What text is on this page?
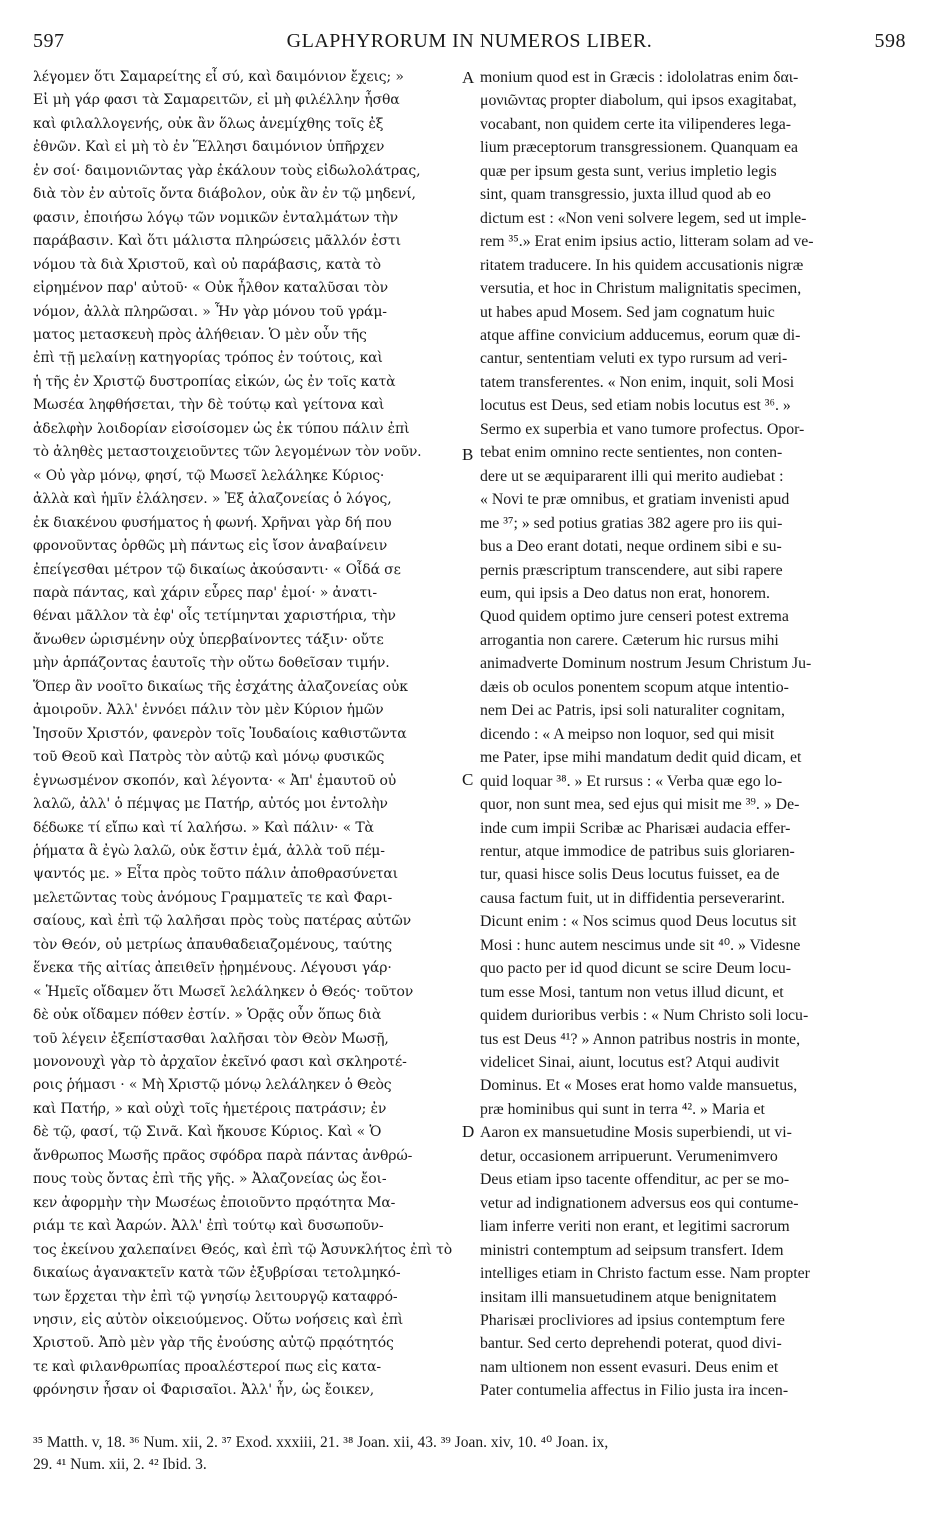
597	GLAPHYRORUM IN NUMEROS LIBER.	598
λέγομεν ὅτι Σαμαρείτης εἶ σύ, καὶ δαιμόνιον ἔχεις; »
Εἰ μὴ γάρ φασι τὰ Σαμαρειτῶν, εἰ μὴ φιλέλλην ἦσθα
καὶ φιλαλλογενής, οὐκ ἂν ὅλως ἀνεμίχθης τοῖς ἐξ
ἐθνῶν. Καὶ εἰ μὴ τὸ ἐν Ἕλλησι δαιμόνιον ὑπῆρχεν
ἐν σοί· δαιμονιῶντας γὰρ ἐκάλουν τοὺς εἰδωλολάτρας,
διὰ τὸν ἐν αὐτοῖς ὄντα διάβολον, οὐκ ἂν ἐν τῷ μηδενί,
φασιν, ἐποιήσω λόγῳ τῶν νομικῶν ἐνταλμάτων τὴν
παράβασιν. Καὶ ὅτι μάλιστα πληρώσεις μᾶλλόν ἐστι
νόμου τὰ διὰ Χριστοῦ, καὶ οὐ παράβασις, κατὰ τὸ
εἰρημένον παρ' αὐτοῦ· « Οὐκ ἦλθον καταλῦσαι τὸν
νόμον, ἀλλὰ πληρῶσαι. » Ἦν γὰρ μόνου τοῦ γράμ-
ματος μετασκευὴ πρὸς ἀλήθειαν. Ὁ μὲν οὖν τῆς
ἐπὶ τῇ μελαίνῃ κατηγορίας τρόπος ἐν τούτοις, καὶ
ἡ τῆς ἐν Χριστῷ δυστροπίας εἰκών, ὡς ἐν τοῖς κατὰ
Μωσέα ληφθήσεται, τὴν δὲ τούτῳ καὶ γείτονα καὶ
ἀδελφὴν λοιδορίαν εἰσοίσομεν ὡς ἐκ τύπου πάλιν ἐπὶ
τὸ ἀληθὲς μεταστοιχειοῦντες τῶν λεγομένων τὸν νοῦν.
« Οὐ γὰρ μόνῳ, φησί, τῷ Μωσεῖ λελάληκε Κύριος·
ἀλλὰ καὶ ἡμῖν ἐλάλησεν. » Ἐξ ἀλαζονείας ὁ λόγος,
ἐκ διακένου φυσήματος ἡ φωνή. Χρῆναι γὰρ δή που
φρονοῦντας ὀρθῶς μὴ πάντως εἰς ἴσον ἀναβαίνειν
ἐπείγεσθαι μέτρον τῷ δικαίως ἀκούσαντι· « Οἶδά σε
παρὰ πάντας, καὶ χάριν εὗρες παρ' ἐμοί· » ἀνατι-
θέναι μᾶλλον τὰ ἐφ' οἷς τετίμηνται χαριστήρια, τὴν
ἄνωθεν ὡρισμένην οὐχ ὑπερβαίνοντες τάξιν· οὔτε
μὴν ἁρπάζοντας ἑαυτοῖς τὴν οὕτω δοθεῖσαν τιμήν.
Ὅπερ ἂν νοοῖτο δικαίως τῆς ἐσχάτης ἀλαζονείας οὐκ
ἀμοιροῦν. Ἀλλ' ἐννόει πάλιν τὸν μὲν Κύριον ἡμῶν
Ἰησοῦν Χριστόν, φανερὸν τοῖς Ἰουδαίοις καθιστῶντα
τοῦ Θεοῦ καὶ Πατρὸς τὸν αὐτῷ καὶ μόνῳ φυσικῶς
ἐγνωσμένον σκοπόν, καὶ λέγοντα· « Ἀπ' ἐμαυτοῦ οὐ
λαλῶ, ἀλλ' ὁ πέμψας με Πατήρ, αὐτός μοι ἐντολὴν
δέδωκε τί εἴπω καὶ τί λαλήσω. » Καὶ πάλιν· « Τὰ
ῥήματα ἃ ἐγὼ λαλῶ, οὐκ ἔστιν ἐμά, ἀλλὰ τοῦ πέμ-
ψαντός με. » Εἶτα πρὸς τοῦτο πάλιν ἀποθρασύνεται
μελετῶντας τοὺς ἀνόμους Γραμματεῖς τε καὶ Φαρι-
σαίους, καὶ ἐπὶ τῷ λαλῆσαι πρὸς τοὺς πατέρας αὐτῶν
τὸν Θεόν, οὐ μετρίως ἀπαυθαδειαζομένους, ταύτης
ἕνεκα τῆς αἰτίας ἀπειθεῖν ᾐρημένους. Λέγουσι γάρ·
« Ἡμεῖς οἴδαμεν ὅτι Μωσεῖ λελάληκεν ὁ Θεός· τοῦτον
δὲ οὐκ οἴδαμεν πόθεν ἐστίν. » Ὁρᾷς οὖν ὅπως διὰ
τοῦ λέγειν ἐξεπίστασθαι λαλῆσαι τὸν Θεὸν Μωσῇ,
μονονουχὶ γὰρ τὸ ἀρχαῖον ἐκεῖνό φασι καὶ σκληροτέ-
ροις ῥήμασι · « Μὴ Χριστῷ μόνῳ λελάληκεν ὁ Θεὸς
καὶ Πατήρ, » καὶ οὐχὶ τοῖς ἡμετέροις πατράσιν; ἐν
δὲ τῷ, φασί, τῷ Σινᾶ. Καὶ ἤκουσε Κύριος. Καὶ « Ὁ
ἄνθρωπος Μωσῆς πρᾶος σφόδρα παρὰ πάντας ἀνθρώ-
πους τοὺς ὄντας ἐπὶ τῆς γῆς. » Ἀλαζονείας ὡς ἔοι-
κεν ἀφορμὴν τὴν Μωσέως ἐποιοῦντο πρᾳότητα Μα-
ριάμ τε καὶ Ἀαρών. Ἀλλ' ἐπὶ τούτῳ καὶ δυσωποῦν-
τος ἐκείνου χαλεπαίνει Θεός, καὶ ἐπὶ τῷ Ἀσυνκλήτος ἐπὶ τὸ
δικαίως ἀγανακτεῖν κατὰ τῶν ἐξυβρίσαι τετολμηκό-
των ἔρχεται τὴν ἐπὶ τῷ γνησίῳ λειτουργῷ καταφρό-
νησιν, εἰς αὐτὸν οἰκειούμενος. Οὕτω νοήσεις καὶ ἐπὶ
Χριστοῦ. Ἀπὸ μὲν γὰρ τῆς ἐνούσης αὐτῷ πρᾳότητός
τε καὶ φιλανθρωπίας προαλέστεροί πως εἰς κατα-
φρόνησιν ἦσαν οἱ Φαρισαῖοι. Ἀλλ' ἦν, ὡς ἔοικεν,
monium quod est in Græcis : idololatras enim δαι-
μονιῶντας propter diabolum, qui ipsos exagitabat,
vocabant, non quidem certe ita vilipenderes lega-
lium præceptorum transgressionem. Quanquam ea
quæ per ipsum gesta sunt, verius impletio legis
sint, quam transgressio, juxta illud quod ab eo
dictum est : «Non veni solvere legem, sed ut imple-
rem ³⁵.» Erat enim ipsius actio, litteram solam ad ve-
ritatem traducere. In his quidem accusationis nigræ
versutia, et hoc in Christum malignitatis specimen,
ut habes apud Mosem. Sed jam cognatum huic
atque affine convicium adducemus, eorum quæ di-
cantur, sententiam veluti ex typo rursum ad veri-
tatem transferentes. « Non enim, inquit, soli Mosi
locutus est Deus, sed etiam nobis locutus est ³⁶. »
Sermo ex superbia et vano tumore profectus. Opor-
tebat enim omnino recte sentientes, non conten-
dere ut se æquipararent illi qui merito audiebat :
« Novi te præ omnibus, et gratiam invenisti apud
me ³⁷; » sed potius gratias 382 agere pro iis qui-
bus a Deo erant dotati, neque ordinem sibi e su-
pernis præscriptum transcendere, aut sibi rapere
eum, qui ipsis a Deo datus non erat, honorem.
Quod quidem optimo jure censeri potest extrema
arrogantia non carere. Cæterum hic rursus mihi
animadverte Dominum nostrum Jesum Christum Ju-
dæis ob oculos ponentem scopum atque intentio-
nem Dei ac Patris, ipsi soli naturaliter cognitam,
dicendo : « A meipso non loquor, sed qui misit
me Pater, ipse mihi mandatum dedit quid dicam, et
quid loquar ³⁸. » Et rursus : « Verba quæ ego lo-
quor, non sunt mea, sed ejus qui misit me ³⁹. » De-
inde cum impii Scribæ ac Pharisæi audacia effer-
rentur, atque immodice de patribus suis gloriaren-
tur, quasi hisce solis Deus locutus fuisset, ea de
causa factum fuit, ut in diffidentia perseverarint.
Dicunt enim : « Nos scimus quod Deus locutus sit
Mosi : hunc autem nescimus unde sit ⁴⁰. » Videsne
quo pacto per id quod dicunt se scire Deum locu-
tum esse Mosi, tantum non vetus illud dicunt, et
quidem durioribus verbis : « Num Christo soli locu-
tus est Deus ⁴¹? » Annon patribus nostris in monte,
videlicet Sinai, aiunt, locutus est? Atqui audivit
Dominus. Et « Moses erat homo valde mansuetus,
præ hominibus qui sunt in terra ⁴². » Maria et
Aaron ex mansuetudine Mosis superbiendi, ut vi-
detur, occasionem arripuerunt. Verumenimvero
Deus etiam ipso tacente offenditur, ac per se mo-
vetur ad indignationem adversus eos qui contume-
liam inferre veriti non erant, et legitimi sacrorum
ministri contemptum ad seipsum transfert. Idem
intelliges etiam in Christo factum esse. Nam propter
insitam illi mansuetudinem atque benignitatem
Pharisæi procliviores ad ipsius contemptum fere
bantur. Sed certo deprehendi poterat, quod divi-
nam ultionem non essent evasuri. Deus enim et
Pater contumelia affectus in Filio justa ira incen-
A
B
C
D
³⁵ Matth. v, 18. ³⁶ Num. xii, 2. ³⁷ Exod. xxxiii, 21. ³⁸ Joan. xii, 43. ³⁹ Joan. xiv, 10. ⁴⁰ Joan. ix,
29. ⁴¹ Num. xii, 2. ⁴² Ibid. 3.
